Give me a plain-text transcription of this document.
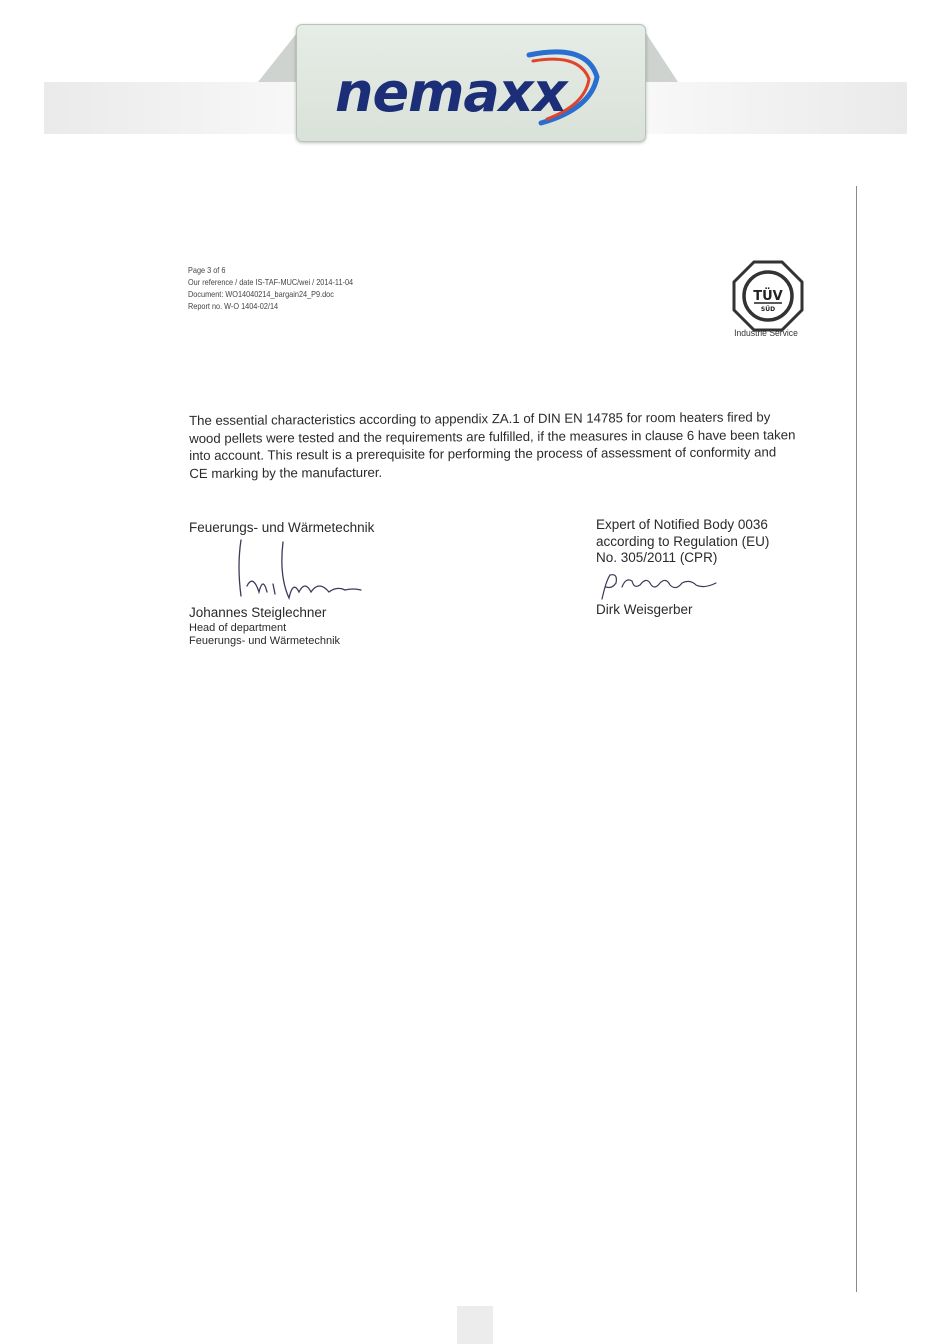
nemaxx
Page 3 of 6
Our reference / date IS-TAF-MUC/wei / 2014-11-04
Document: WO14040214_bargain24_P9.doc
Report no. W-O 1404-02/14
TÜV
SÜD
Industrie Service
The essential characteristics according to appendix ZA.1 of DIN EN 14785 for room heaters fired by wood pellets were tested and the requirements are fulfilled, if the measures in clause 6 have been taken into account. This result is a prerequisite for performing the process of assessment of conformity and CE marking by the manufacturer.
Feuerungs- und Wärmetechnik
Johannes Steiglechner
Head of department
Feuerungs- und Wärmetechnik
Expert of Notified Body 0036
according to Regulation (EU)
No. 305/2011 (CPR)
Dirk Weisgerber
